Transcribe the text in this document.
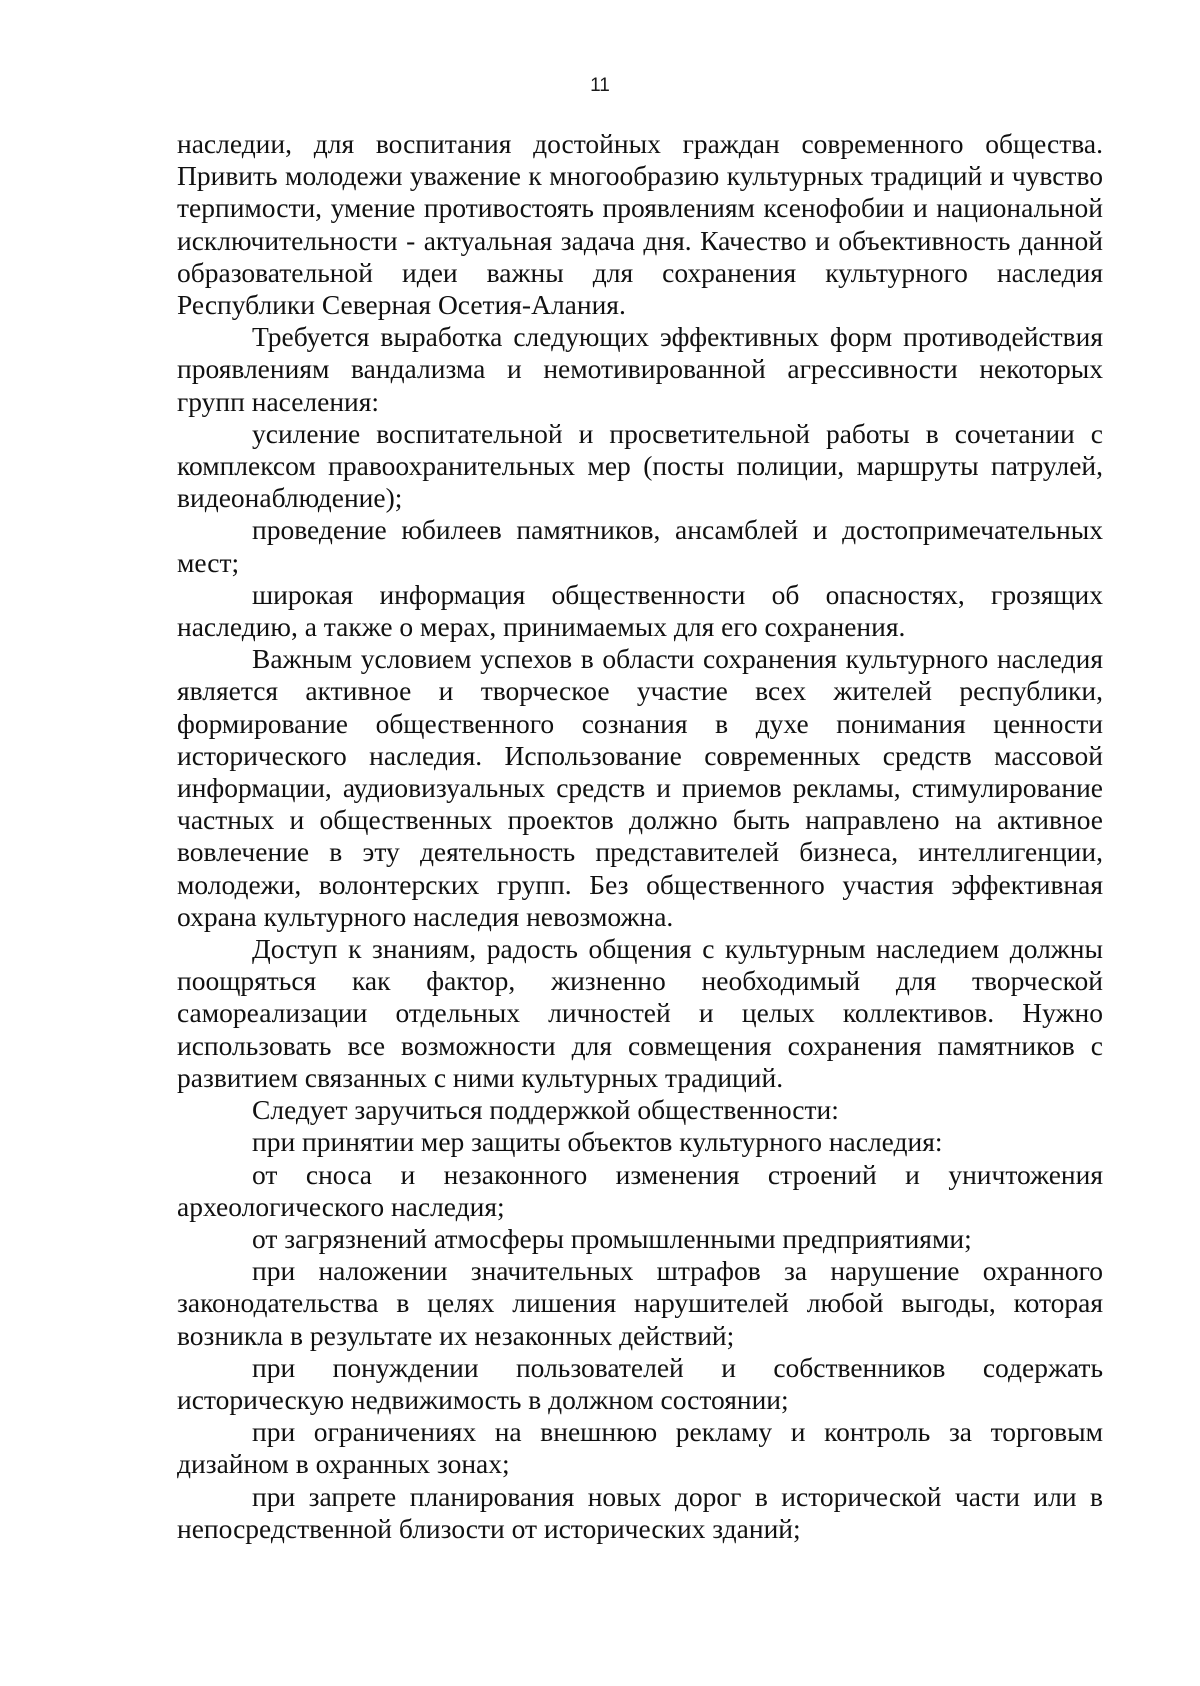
11

наследии, для воспитания достойных граждан современного общества. Привить молодежи уважение к многообразию культурных традиций и чувство терпимости, умение противостоять проявлениям ксенофобии и национальной исключительности - актуальная задача дня. Качество и объективность данной образовательной идеи важны для сохранения культурного наследия Республики Северная Осетия-Алания.

Требуется выработка следующих эффективных форм противодействия проявлениям вандализма и немотивированной агрессивности некоторых групп населения:

усиление воспитательной и просветительной работы в сочетании с комплексом правоохранительных мер (посты полиции, маршруты патрулей, видеонаблюдение);

проведение юбилеев памятников, ансамблей и достопримечательных мест;

широкая информация общественности об опасностях, грозящих наследию, а также о мерах, принимаемых для его сохранения.

Важным условием успехов в области сохранения культурного наследия является активное и творческое участие всех жителей республики, формирование общественного сознания в духе понимания ценности исторического наследия. Использование современных средств массовой информации, аудиовизуальных средств и приемов рекламы, стимулирование частных и общественных проектов должно быть направлено на активное вовлечение в эту деятельность представителей бизнеса, интеллигенции, молодежи, волонтерских групп. Без общественного участия эффективная охрана культурного наследия невозможна.

Доступ к знаниям, радость общения с культурным наследием должны поощряться как фактор, жизненно необходимый для творческой самореализации отдельных личностей и целых коллективов. Нужно использовать все возможности для совмещения сохранения памятников с развитием связанных с ними культурных традиций.

Следует заручиться поддержкой общественности:

при принятии мер защиты объектов культурного наследия:

от сноса и незаконного изменения строений и уничтожения археологического наследия;

от загрязнений атмосферы промышленными предприятиями;

при наложении значительных штрафов за нарушение охранного законодательства в целях лишения нарушителей любой выгоды, которая возникла в результате их незаконных действий;

при понуждении пользователей и собственников содержать историческую недвижимость в должном состоянии;

при ограничениях на внешнюю рекламу и контроль за торговым дизайном в охранных зонах;

при запрете планирования новых дорог в исторической части или в непосредственной близости от исторических зданий;
